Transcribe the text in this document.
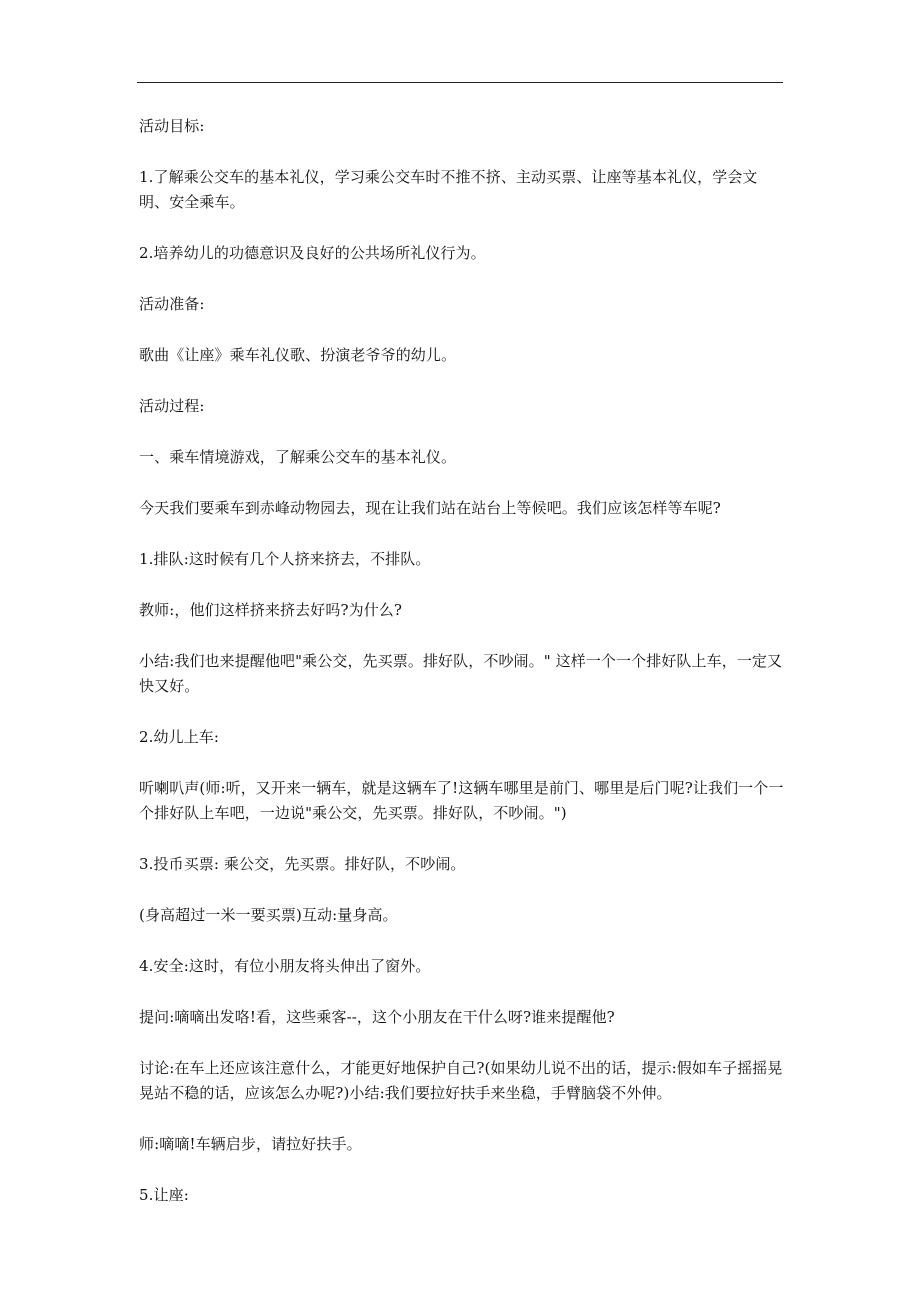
活动目标:

1.了解乘公交车的基本礼仪，学习乘公交车时不推不挤、主动买票、让座等基本礼仪，学会文明、安全乘车。

2.培养幼儿的功德意识及良好的公共场所礼仪行为。

活动准备:

歌曲《让座》乘车礼仪歌、扮演老爷爷的幼儿。

活动过程:

一、乘车情境游戏，了解乘公交车的基本礼仪。

今天我们要乘车到赤峰动物园去，现在让我们站在站台上等候吧。我们应该怎样等车呢?

1.排队:这时候有几个人挤来挤去，不排队。

教师:，他们这样挤来挤去好吗?为什么?

小结:我们也来提醒他吧"乘公交，先买票。排好队，不吵闹。" 这样一个一个排好队上车，一定又快又好。

2.幼儿上车:

听喇叭声(师:听，又开来一辆车，就是这辆车了!这辆车哪里是前门、哪里是后门呢?让我们一个一个排好队上车吧，一边说"乘公交，先买票。排好队，不吵闹。")

3.投币买票: 乘公交，先买票。排好队，不吵闹。

(身高超过一米一要买票)互动:量身高。

4.安全:这时，有位小朋友将头伸出了窗外。

提问:嘀嘀出发咯!看，这些乘客--，这个小朋友在干什么呀?谁来提醒他?

讨论:在车上还应该注意什么，才能更好地保护自己?(如果幼儿说不出的话，提示:假如车子摇摇晃晃站不稳的话，应该怎么办呢?)小结:我们要拉好扶手来坐稳，手臂脑袋不外伸。

师:嘀嘀!车辆启步，请拉好扶手。

5.让座:
